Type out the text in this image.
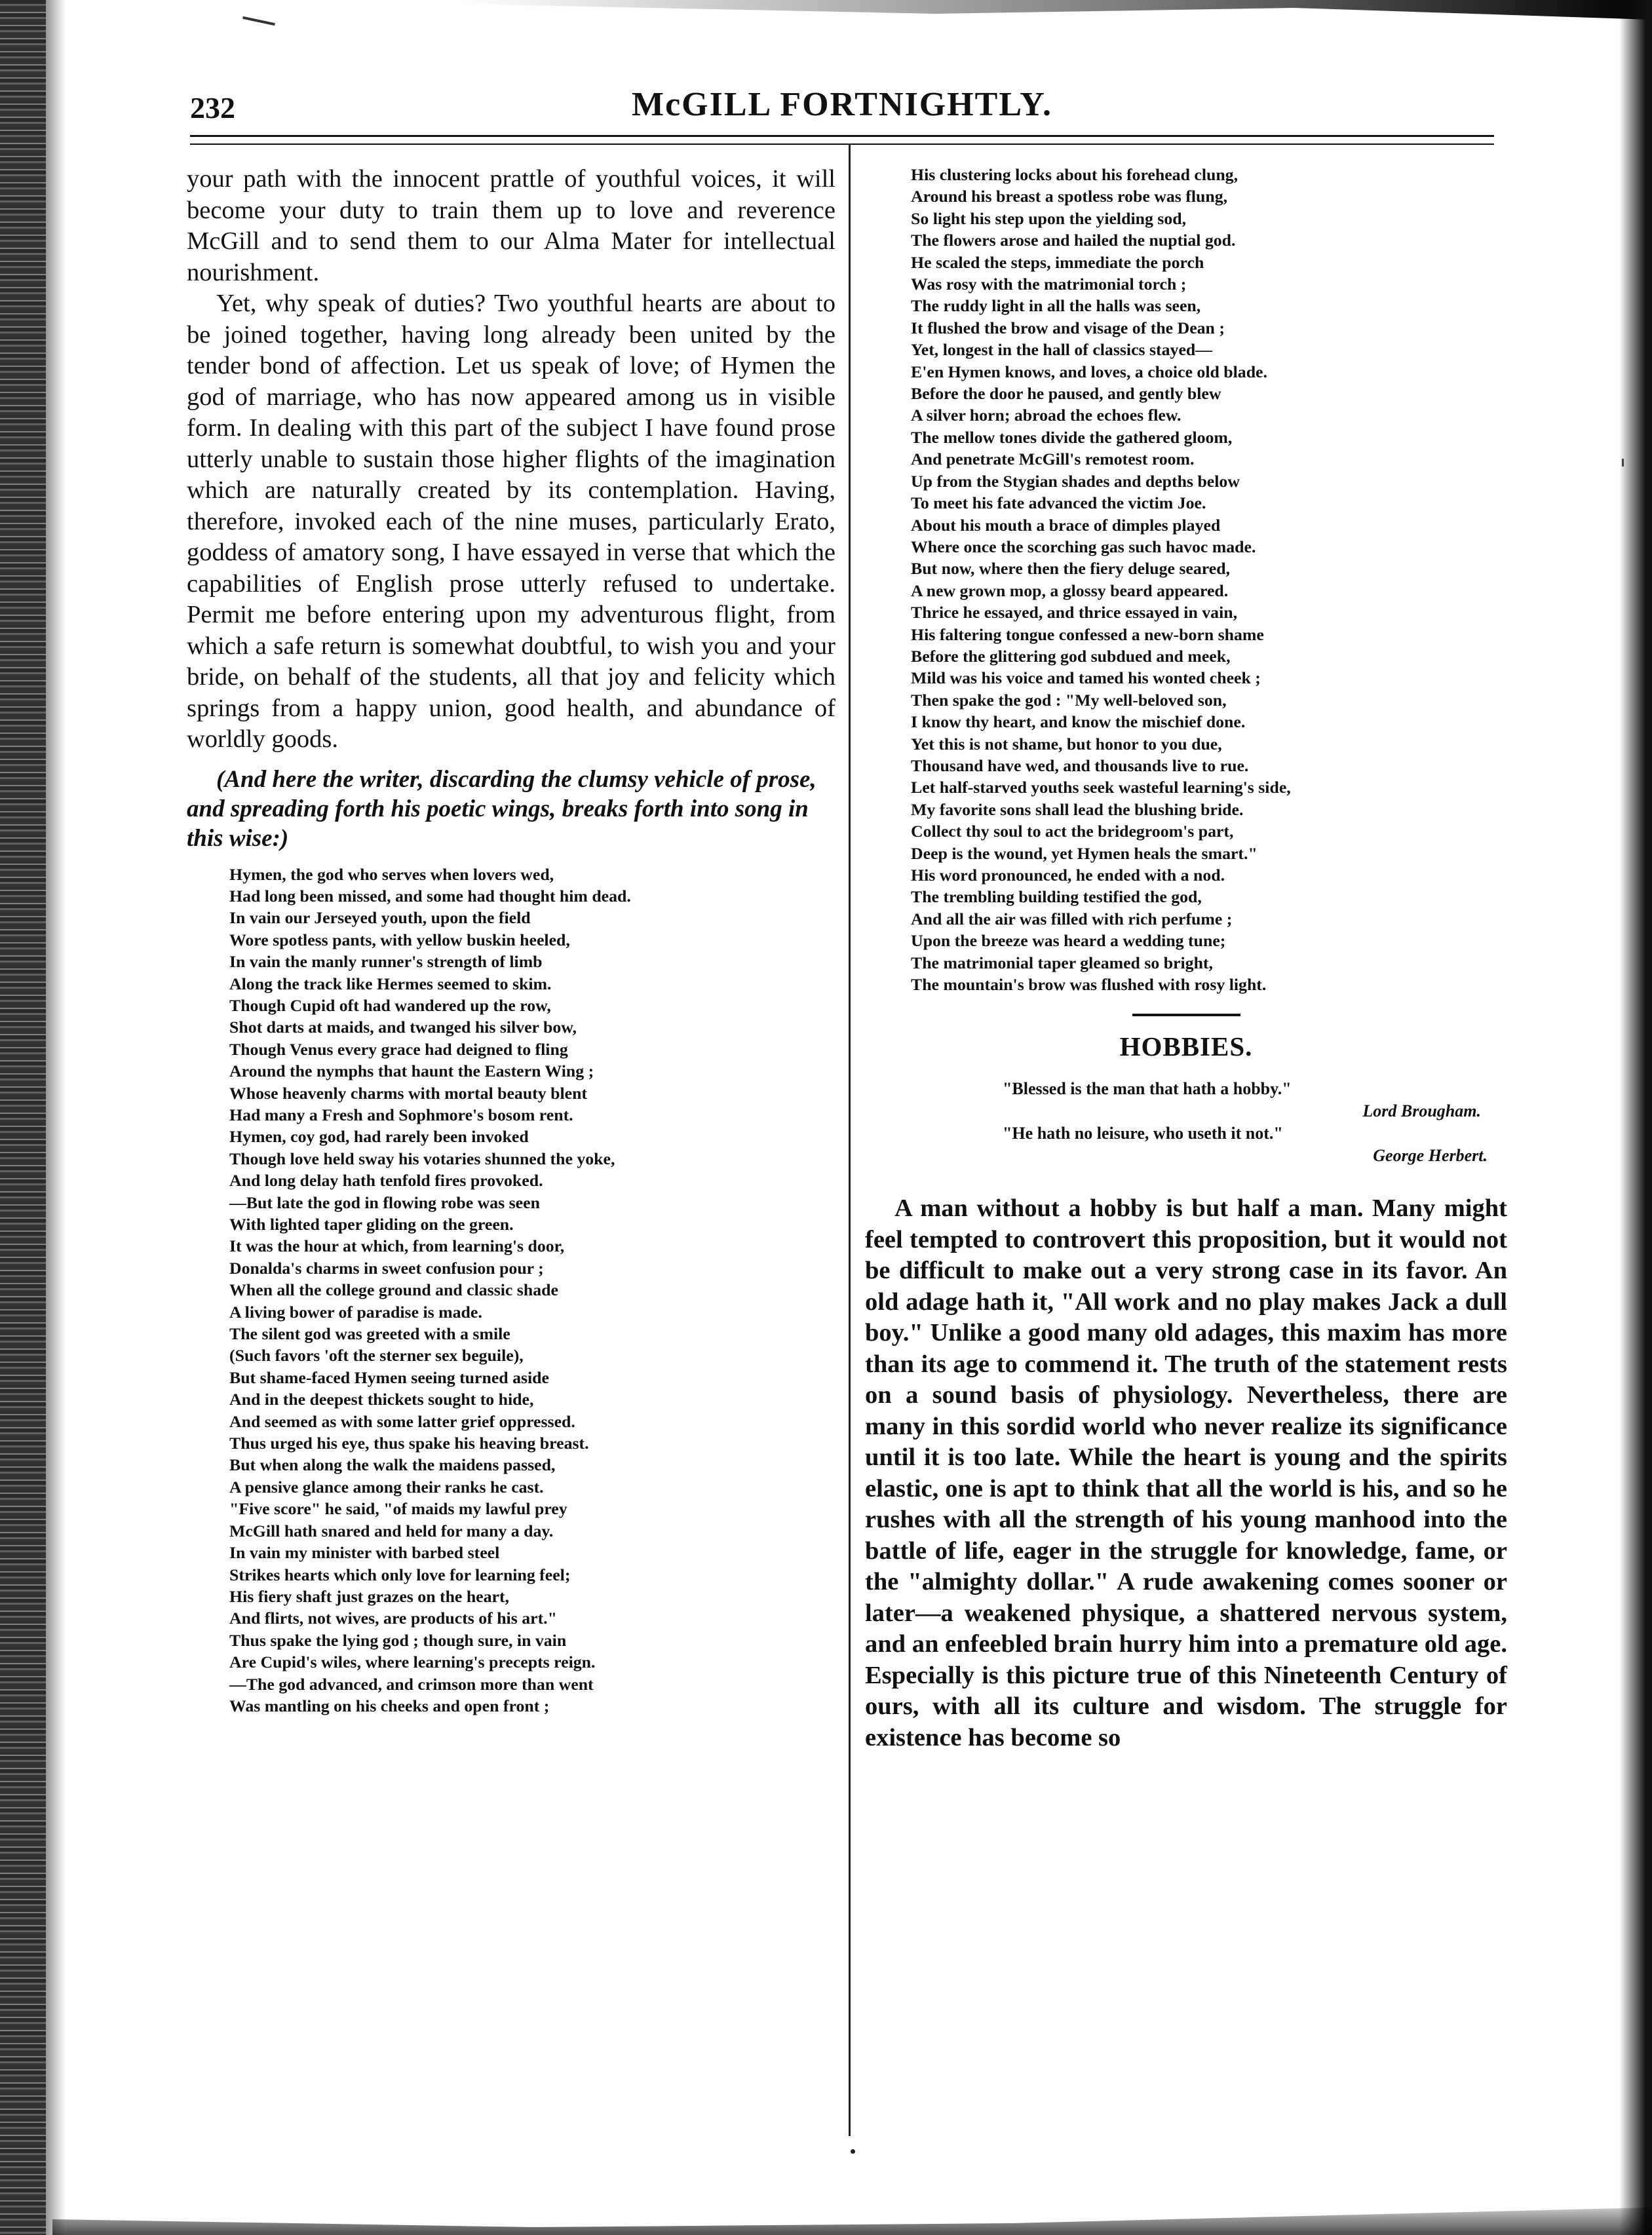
232	McGILL FORTNIGHTLY.

your path with the innocent prattle of youthful voices, it will become your duty to train them up to love and reverence McGill and to send them to our Alma Mater for intellectual nourishment.

Yet, why speak of duties? Two youthful hearts are about to be joined together, having long already been united by the tender bond of affection. Let us speak of love; of Hymen the god of marriage, who has now appeared among us in visible form. In dealing with this part of the subject I have found prose utterly unable to sustain those higher flights of the imagination which are naturally created by its contemplation. Having, therefore, invoked each of the nine muses, particularly Erato, goddess of amatory song, I have essayed in verse that which the capabilities of English prose utterly refused to undertake. Permit me before entering upon my adventurous flight, from which a safe return is somewhat doubtful, to wish you and your bride, on behalf of the students, all that joy and felicity which springs from a happy union, good health, and abundance of worldly goods.

(And here the writer, discarding the clumsy vehicle of prose, and spreading forth his poetic wings, breaks forth into song in this wise:)
Hymen, the god who serves when lovers wed,
Had long been missed, and some had thought him dead.
In vain our Jerseyed youth, upon the field
Wore spotless pants, with yellow buskin heeled,
In vain the manly runner's strength of limb
Along the track like Hermes seemed to skim.
Though Cupid oft had wandered up the row,
Shot darts at maids, and twanged his silver bow,
Though Venus every grace had deigned to fling
Around the nymphs that haunt the Eastern Wing ;
Whose heavenly charms with mortal beauty blent
Had many a Fresh and Sophmore's bosom rent.
Hymen, coy god, had rarely been invoked
Though love held sway his votaries shunned the yoke,
And long delay hath tenfold fires provoked.
—But late the god in flowing robe was seen
With lighted taper gliding on the green.
It was the hour at which, from learning's door,
Donalda's charms in sweet confusion pour ;
When all the college ground and classic shade
A living bower of paradise is made.
The silent god was greeted with a smile
(Such favors 'oft the sterner sex beguile),
But shame-faced Hymen seeing turned aside
And in the deepest thickets sought to hide,
And seemed as with some latter grief oppressed.
Thus urged his eye, thus spake his heaving breast.
But when along the walk the maidens passed,
A pensive glance among their ranks he cast.
"Five score" he said, "of maids my lawful prey
McGill hath snared and held for many a day.
In vain my minister with barbed steel
Strikes hearts which only love for learning feel;
His fiery shaft just grazes on the heart,
And flirts, not wives, are products of his art."
Thus spake the lying god ; though sure, in vain
Are Cupid's wiles, where learning's precepts reign.
—The god advanced, and crimson more than went
Was mantling on his cheeks and open front ;
His clustering locks about his forehead clung,
Around his breast a spotless robe was flung,
So light his step upon the yielding sod,
The flowers arose and hailed the nuptial god.
He scaled the steps, immediate the porch
Was rosy with the matrimonial torch ;
The ruddy light in all the halls was seen,
It flushed the brow and visage of the Dean ;
Yet, longest in the hall of classics stayed—
E'en Hymen knows, and loves, a choice old blade.
Before the door he paused, and gently blew
A silver horn; abroad the echoes flew.
The mellow tones divide the gathered gloom,
And penetrate McGill's remotest room.
Up from the Stygian shades and depths below
To meet his fate advanced the victim Joe.
About his mouth a brace of dimples played
Where once the scorching gas such havoc made.
But now, where then the fiery deluge seared,
A new grown mop, a glossy beard appeared.
Thrice he essayed, and thrice essayed in vain,
His faltering tongue confessed a new-born shame
Before the glittering god subdued and meek,
Mild was his voice and tamed his wonted cheek ;
Then spake the god : "My well-beloved son,
I know thy heart, and know the mischief done.
Yet this is not shame, but honor to you due,
Thousand have wed, and thousands live to rue.
Let half-starved youths seek wasteful learning's side,
My favorite sons shall lead the blushing bride.
Collect thy soul to act the bridegroom's part,
Deep is the wound, yet Hymen heals the smart."
His word pronounced, he ended with a nod.
The trembling building testified the god,
And all the air was filled with rich perfume ;
Upon the breeze was heard a wedding tune;
The matrimonial taper gleamed so bright,
The mountain's brow was flushed with rosy light.
HOBBIES.
"Blessed is the man that hath a hobby."
Lord Brougham.
"He hath no leisure, who useth it not."
George Herbert.

A man without a hobby is but half a man. Many might feel tempted to controvert this proposition, but it would not be difficult to make out a very strong case in its favor. An old adage hath it, "All work and no play makes Jack a dull boy." Unlike a good many old adages, this maxim has more than its age to commend it. The truth of the statement rests on a sound basis of physiology. Nevertheless, there are many in this sordid world who never realize its significance until it is too late. While the heart is young and the spirits elastic, one is apt to think that all the world is his, and so he rushes with all the strength of his young manhood into the battle of life, eager in the struggle for knowledge, fame, or the "almighty dollar." A rude awakening comes sooner or later—a weakened physique, a shattered nervous system, and an enfeebled brain hurry him into a premature old age. Especially is this picture true of this Nineteenth Century of ours, with all its culture and wisdom. The struggle for existence has become so
